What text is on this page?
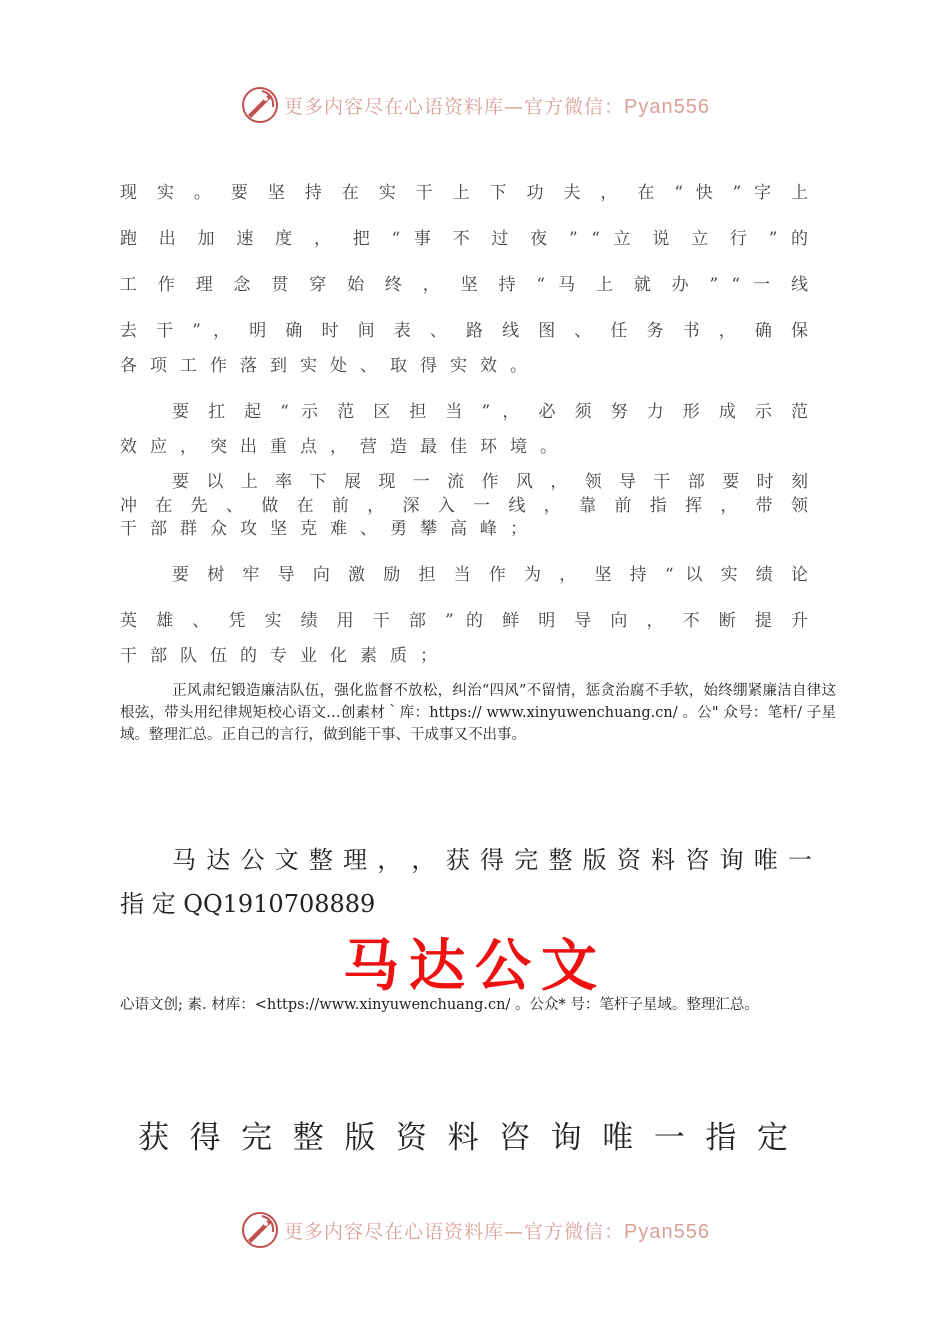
更多内容尽在心语资料库—官方微信：Pyan556
现 实 。 要 坚 持 在 实 干 上 下 功 夫 ， 在 “ 快 ” 字 上
跑 出 加 速 度 ， 把 “ 事 不 过 夜 ” “ 立 说 立 行 ” 的
工 作 理 念 贯 穿 始 终 ， 坚 持 “ 马 上 就 办 ” “ 一 线
去 干 ” ， 明 确 时 间 表 、 路 线 图 、 任 务 书 ， 确 保
各项工作落到实处、取得实效。
要 扛 起 “ 示 范 区 担 当 ” ， 必 须 努 力 形 成 示 范
效应，突出重点，营造最佳环境。
要 以 上 率 下 展 现 一 流 作 风 ， 领 导 干 部 要 时 刻
冲 在 先 、 做 在 前 ， 深 入 一 线 ， 靠 前 指 挥 ， 带 领
干部群众攻坚克难、勇攀高峰；
要 树 牢 导 向 激 励 担 当 作 为 ， 坚 持 “ 以 实 绩 论
英 雄 、 凭 实 绩 用 干 部 ” 的 鲜 明 导 向 ， 不 断 提 升
干部队伍的专业化素质；
正风肃纪锻造廉洁队伍，强化监督不放松，纠治“四风”不留情，惩贪治腐不手软，始终绷紧廉洁自律这根弦，带头用纪律规矩校心语文…创素材｀库：https:// www.xinyuwenchuang.cn/ 。公" 众号：笔杆/ 子星域。整理汇总。正自己的言行，做到能干事、干成事又不出事。
马 达 公 文 整 理 ， ， 获 得 完 整 版 资 料 咨 询 唯 一
指 定 QQ1910708889
马达公文
心语文创; 素. 材库：<https://www.xinyuwenchuang.cn/ 。公众* 号：笔杆子星域。整理汇总。
获 得 完 整 版 资 料 咨 询 唯 一 指 定
更多内容尽在心语资料库—官方微信：Pyan556
